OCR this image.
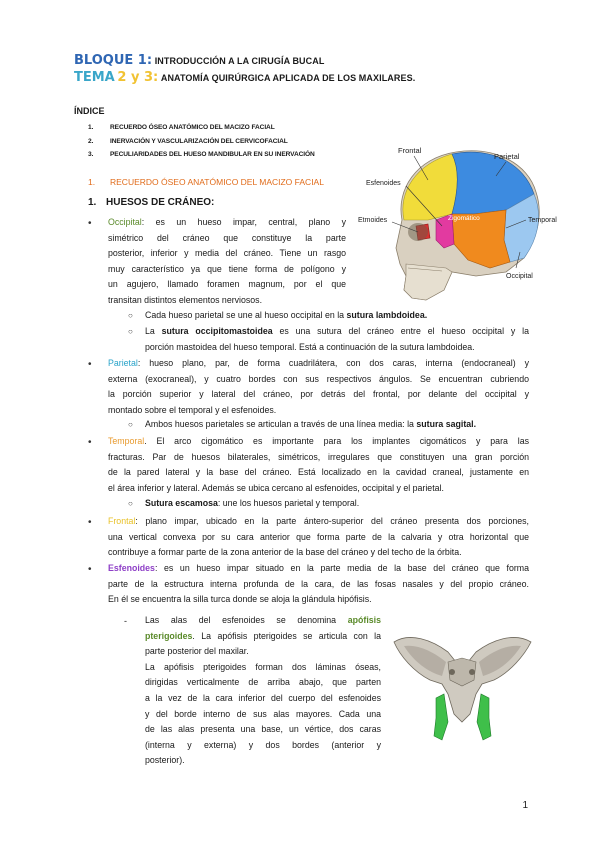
BLOQUE 1: INTRODUCCIÓN A LA CIRUGÍA BUCAL
TEMA 2 y 3: ANATOMÍA QUIRÚRGICA APLICADA DE LOS MAXILARES.
ÍNDICE
1.	RECUERDO ÓSEO ANATÓMICO DEL MACIZO FACIAL
2.	INERVACIÓN Y VASCULARIZACIÓN DEL CERVICOFACIAL
3.	PECULIARIDADES DEL HUESO MANDIBULAR EN SU INERVACIÓN	Frontal
Parietal
Esfenoides
Etmoides	Zigomático	Temporal
Occipital
1. RECUERDO ÓSEO ANATÓMICO DEL MACIZO FACIAL
1. HUESOS DE CRÁNEO:
• Occipital: es un hueso impar, central, plano y
simétrico del cráneo que constituye la parte
posterior, inferior y media del cráneo. Tiene un rasgo
muy característico ya que tiene forma de polígono y
un agujero, llamado foramen magnum, por el que
transitan distintos elementos nerviosos.
○ Cada hueso parietal se une al hueso occipital en la sutura lambdoidea.
○ La sutura occipitomastoidea es una sutura del cráneo entre el hueso occipital y la
porción mastoidea del hueso temporal. Está a continuación de la sutura lambdoidea.
• Parietal: hueso plano, par, de forma cuadrilátera, con dos caras, interna (endocraneal) y
externa (exocraneal), y cuatro bordes con sus respectivos ángulos. Se encuentran cubriendo
la porción superior y lateral del cráneo, por detrás del frontal, por delante del occipital y
montado sobre el temporal y el esfenoides.
○ Ambos huesos parietales se articulan a través de una línea media: la sutura sagital.
• Temporal. El arco cigomático es importante para los implantes cigomáticos y para las
fracturas. Par de huesos bilaterales, simétricos, irregulares que constituyen una gran porción
de la pared lateral y la base del cráneo. Está localizado en la cavidad craneal, justamente en
el área inferior y lateral. Además se ubica cercano al esfenoides, occipital y el parietal.
○ Sutura escamosa: une los huesos parietal y temporal.
• Frontal: plano impar, ubicado en la parte ántero-superior del cráneo presenta dos porciones,
una vertical convexa por su cara anterior que forma parte de la calvaria y otra horizontal que
contribuye a formar parte de la zona anterior de la base del cráneo y del techo de la órbita.
• Esfenoides: es un hueso impar situado en la parte media de la base del cráneo que forma
parte de la estructura interna profunda de la cara, de las fosas nasales y del propio cráneo.
En él se encuentra la silla turca donde se aloja la glándula hipófisis.
- Las alas del esfenoides se denomina apófisis
pterigoides. La apófisis pterigoides se articula con la
parte posterior del maxilar.
La apófisis pterigoides forman dos láminas óseas,
dirigidas verticalmente de arriba abajo, que parten
a la vez de la cara inferior del cuerpo del esfenoides
y del borde interno de sus alas mayores. Cada una
de las alas presenta una base, un vértice, dos caras
(interna y externa) y dos bordes (anterior y
posterior).
1
